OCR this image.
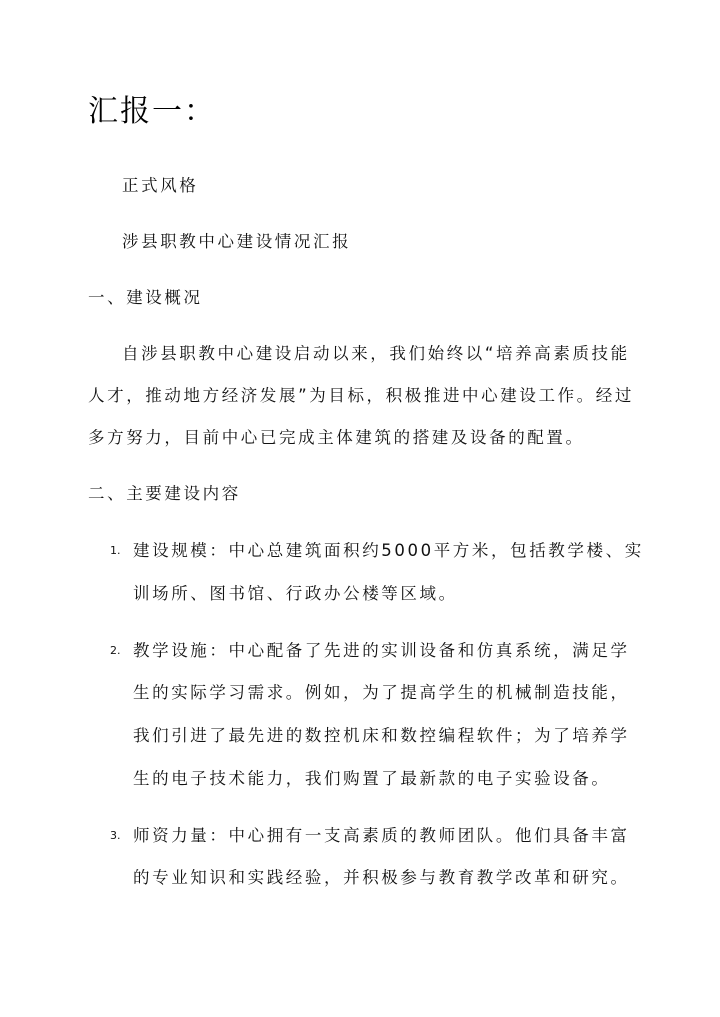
汇报一：
正式风格
涉县职教中心建设情况汇报
一、建设概况
自涉县职教中心建设启动以来，我们始终以“培养高素质技能
人才，推动地方经济发展”为目标，积极推进中心建设工作。经过
多方努力，目前中心已完成主体建筑的搭建及设备的配置。
二、主要建设内容
1. 建设规模：中心总建筑面积约5000平方米，包括教学楼、实
训场所、图书馆、行政办公楼等区域。
2. 教学设施：中心配备了先进的实训设备和仿真系统，满足学
生的实际学习需求。例如，为了提高学生的机械制造技能，
我们引进了最先进的数控机床和数控编程软件；为了培养学
生的电子技术能力，我们购置了最新款的电子实验设备。
3. 师资力量：中心拥有一支高素质的教师团队。他们具备丰富
的专业知识和实践经验，并积极参与教育教学改革和研究。
